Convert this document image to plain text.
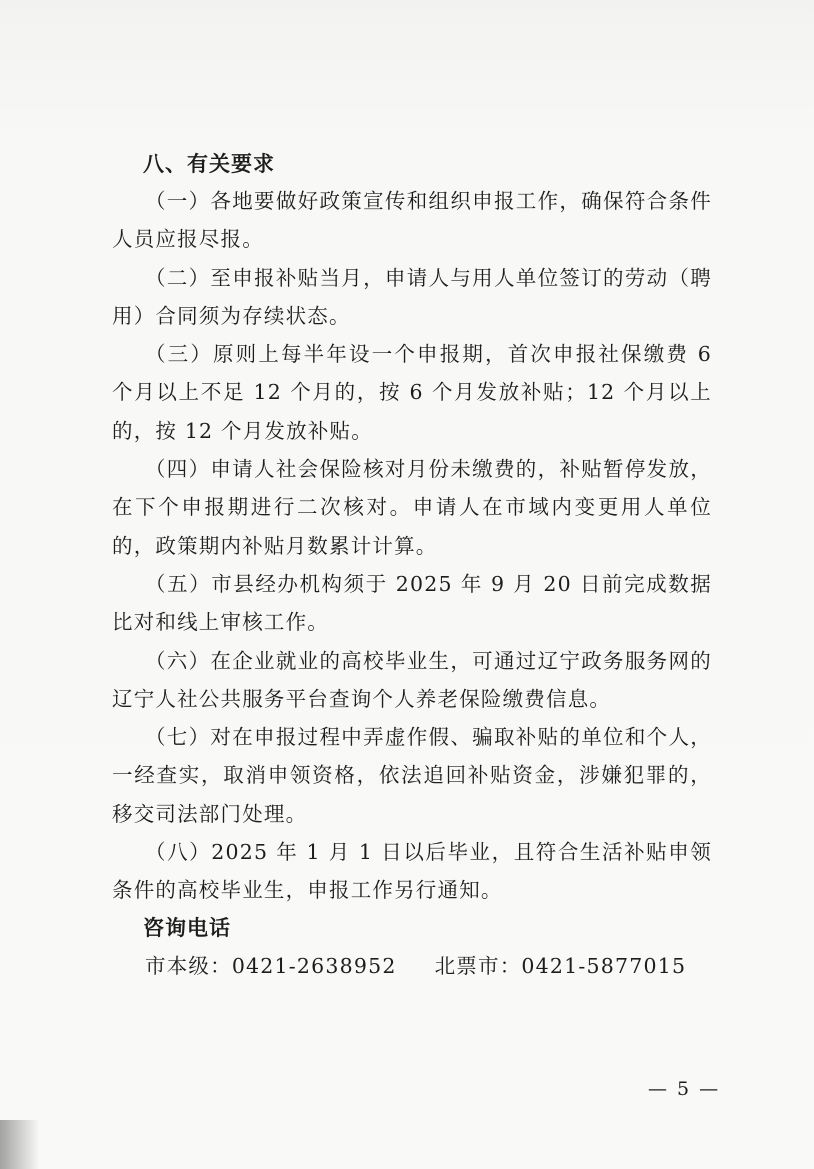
八、有关要求

（一）各地要做好政策宣传和组织申报工作，确保符合条件人员应报尽报。

（二）至申报补贴当月，申请人与用人单位签订的劳动（聘用）合同须为存续状态。

（三）原则上每半年设一个申报期，首次申报社保缴费 6 个月以上不足 12 个月的，按 6 个月发放补贴；12 个月以上的，按 12 个月发放补贴。

（四）申请人社会保险核对月份未缴费的，补贴暂停发放，在下个申报期进行二次核对。申请人在市域内变更用人单位的，政策期内补贴月数累计计算。

（五）市县经办机构须于 2025 年 9 月 20 日前完成数据比对和线上审核工作。

（六）在企业就业的高校毕业生，可通过辽宁政务服务网的辽宁人社公共服务平台查询个人养老保险缴费信息。

（七）对在申报过程中弄虚作假、骗取补贴的单位和个人，一经查实，取消申领资格，依法追回补贴资金，涉嫌犯罪的，移交司法部门处理。

（八）2025 年 1 月 1 日以后毕业，且符合生活补贴申领条件的高校毕业生，申报工作另行通知。

咨询电话
市本级：0421-2638952 北票市：0421-5877015
— 5 —
